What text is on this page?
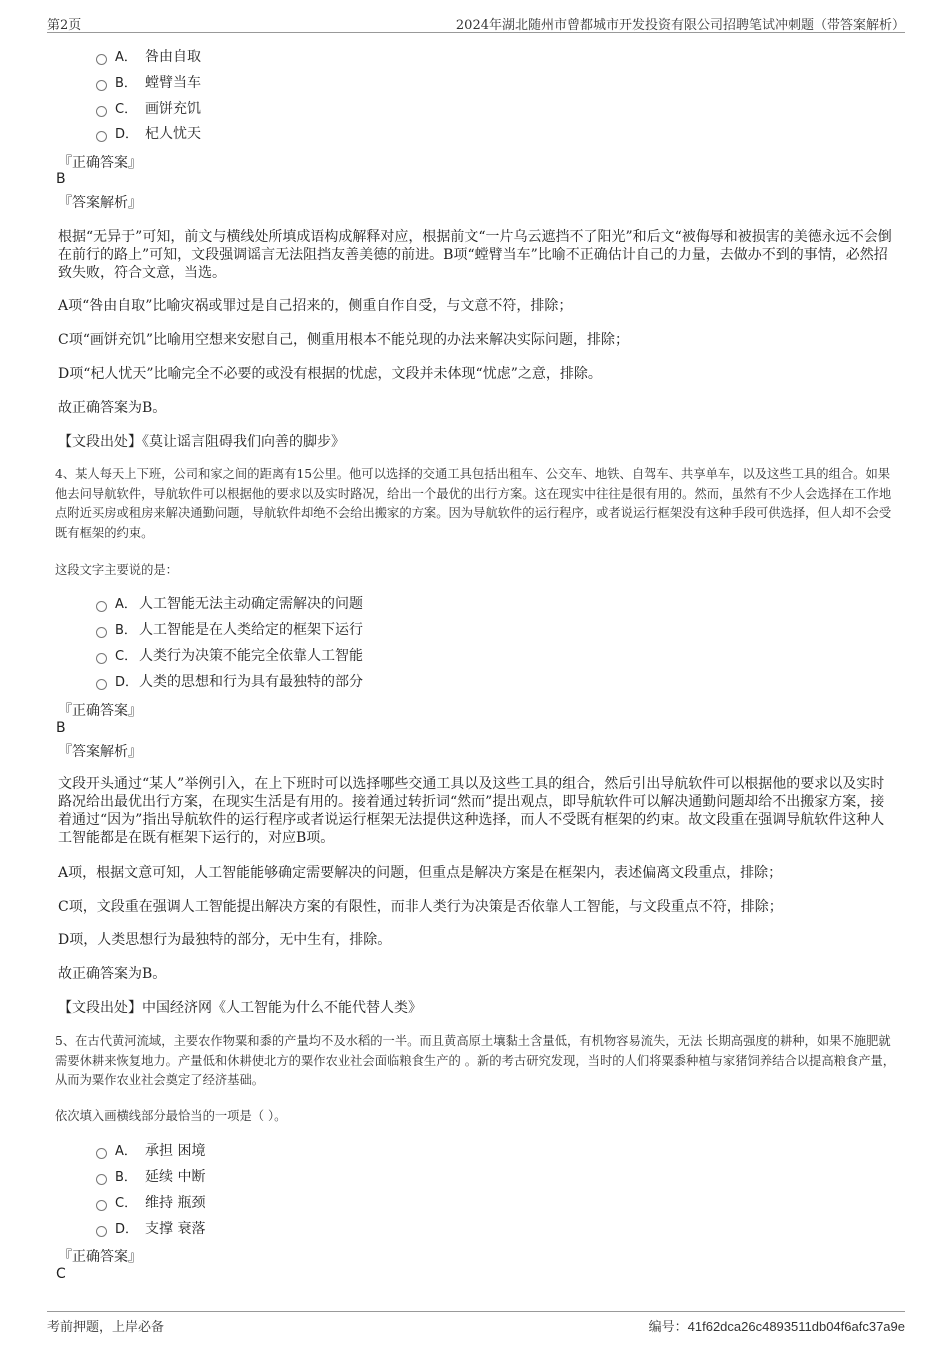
第2页	2024年湖北随州市曾都城市开发投资有限公司招聘笔试冲刺题（带答案解析）
A． 咎由自取
B． 螳臂当车
C． 画饼充饥
D． 杞人忧天
『正确答案』
B
『答案解析』
根据“无异于”可知，前文与横线处所填成语构成解释对应，根据前文“一片乌云遮挡不了阳光”和后文“被侮辱和被损害的美德永远不会倒在前行的路上”可知，文段强调谣言无法阻挡友善美德的前进。B项“螳臂当车”比喻不正确估计自己的力量，去做办不到的事情，必然招致失败，符合文意，当选。
A项“咎由自取”比喻灾祸或罪过是自己招来的，侧重自作自受，与文意不符，排除；
C项“画饼充饥”比喻用空想来安慰自己，侧重用根本不能兑现的办法来解决实际问题，排除；
D项“杞人忧天”比喻完全不必要的或没有根据的忧虑，文段并未体现“忧虑”之意，排除。
故正确答案为B。
【文段出处】《莫让谣言阻碍我们向善的脚步》
4、某人每天上下班，公司和家之间的距离有15公里。他可以选择的交通工具包括出租车、公交车、地铁、自驾车、共享单车，以及这些工具的组合。如果他去问导航软件，导航软件可以根据他的要求以及实时路况，给出一个最优的出行方案。这在现实中往往是很有用的。然而，虽然有不少人会选择在工作地点附近买房或租房来解决通勤问题，导航软件却绝不会给出搬家的方案。因为导航软件的运行程序，或者说运行框架没有这种手段可供选择，但人却不会受既有框架的约束。
这段文字主要说的是：
A． 人工智能无法主动确定需解决的问题
B． 人工智能是在人类给定的框架下运行
C． 人类行为决策不能完全依靠人工智能
D．人类的思想和行为具有最独特的部分
『正确答案』
B
『答案解析』
文段开头通过“某人”举例引入，在上下班时可以选择哪些交通工具以及这些工具的组合，然后引出导航软件可以根据他的要求以及实时路况给出最优出行方案，在现实生活是有用的。接着通过转折词“然而”提出观点，即导航软件可以解决通勤问题却给不出搬家方案，接着通过“因为”指出导航软件的运行程序或者说运行框架无法提供这种选择，而人不受既有框架的约束。故文段重在强调导航软件这种人工智能都是在既有框架下运行的，对应B项。
A项，根据文意可知，人工智能能够确定需要解决的问题，但重点是解决方案是在框架内，表述偏离文段重点，排除；
C项，文段重在强调人工智能提出解决方案的有限性，而非人类行为决策是否依靠人工智能，与文段重点不符，排除；
D项，人类思想行为最独特的部分，无中生有，排除。
故正确答案为B。
【文段出处】中国经济网《人工智能为什么不能代替人类》
5、在古代黄河流域，主要农作物粟和黍的产量均不及水稻的一半。而且黄高原土壤黏土含量低，有机物容易流失，无法 长期高强度的耕种，如果不施肥就需要休耕来恢复地力。产量低和休耕使北方的粟作农业社会面临粮食生产的 。新的考古研究发现，当时的人们将粟黍种植与家猪饲养结合以提高粮食产量，从而为粟作农业社会奠定了经济基础。
依次填入画横线部分最恰当的一项是（ ）。
A． 承担 困境
B． 延续 中断
C． 维持 瓶颈
D． 支撑 衰落
『正确答案』
C
考前押题，上岸必备	编号：41f62dca26c4893511db04f6afc37a9e
